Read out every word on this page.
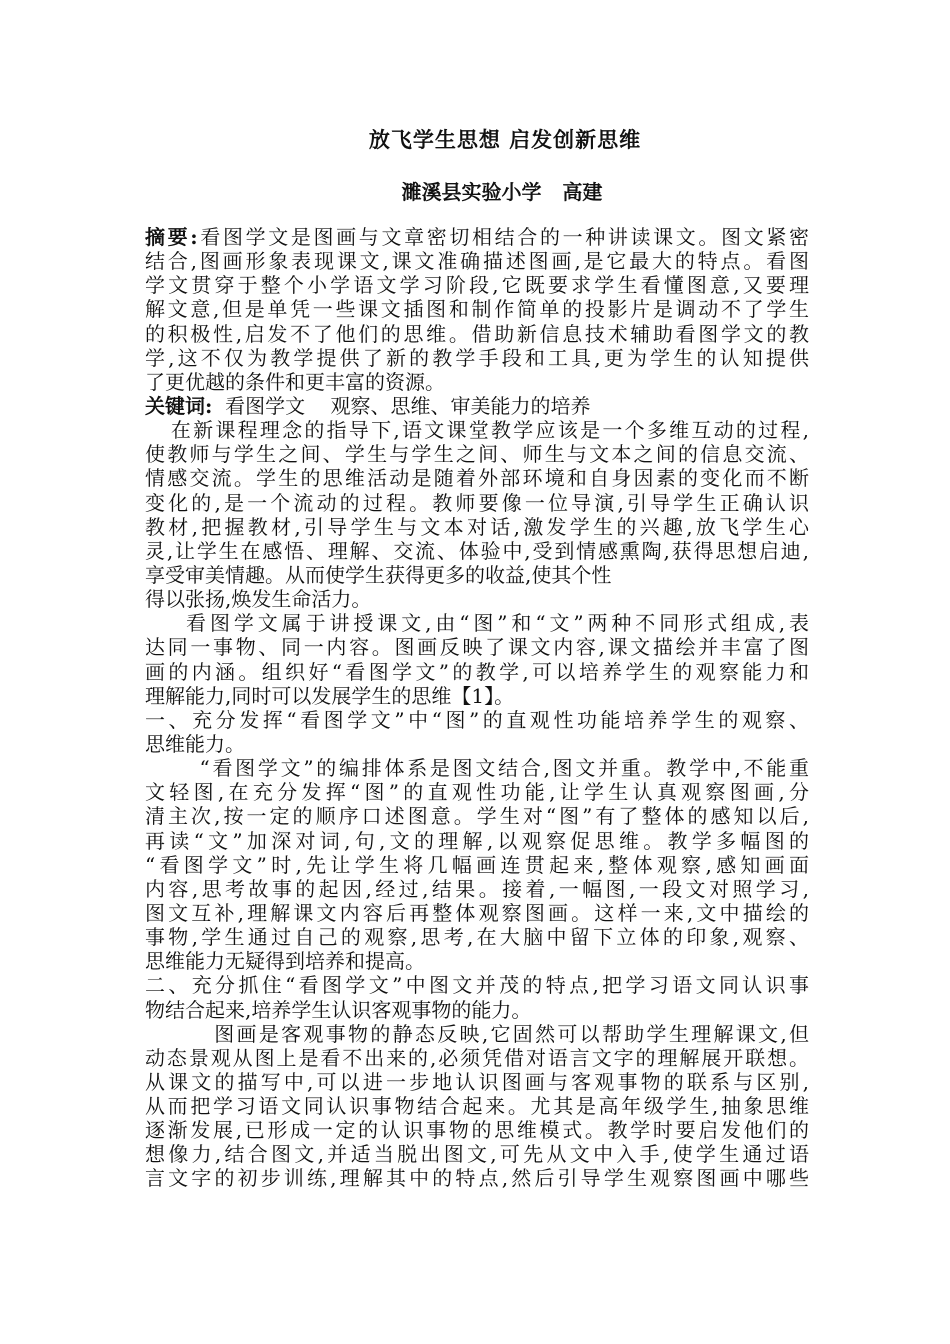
放飞学生思想 启发创新思维
濉溪县实验小学   高建
摘要:看图学文是图画与文章密切相结合的一种讲读课文。图文紧密
结合,图画形象表现课文,课文准确描述图画,是它最大的特点。看图
学文贯穿于整个小学语文学习阶段,它既要求学生看懂图意,又要理
解文意,但是单凭一些课文插图和制作简单的投影片是调动不了学生
的积极性,启发不了他们的思维。借助新信息技术辅助看图学文的教
学,这不仅为教学提供了新的教学手段和工具,更为学生的认知提供
了更优越的条件和更丰富的资源。
关键词:  看图学文    观察、思维、审美能力的培养
在新课程理念的指导下,语文课堂教学应该是一个多维互动的过程,
使教师与学生之间、学生与学生之间、师生与文本之间的信息交流、
情感交流。学生的思维活动是随着外部环境和自身因素的变化而不断
变化的,是一个流动的过程。教师要像一位导演,引导学生正确认识
教材,把握教材,引导学生与文本对话,激发学生的兴趣,放飞学生心
灵,让学生在感悟、理解、交流、体验中,受到情感熏陶,获得思想启迪,
享受审美情趣。从而使学生获得更多的收益,使其个性
得以张扬,焕发生命活力。
看图学文属于讲授课文,由“图”和“文”两种不同形式组成,表
达同一事物、同一内容。图画反映了课文内容,课文描绘并丰富了图
画的内涵。组织好“看图学文”的教学,可以培养学生的观察能力和
理解能力,同时可以发展学生的思维【1】。
一、充分发挥“看图学文”中“图”的直观性功能培养学生的观察、
思维能力。
“看图学文”的编排体系是图文结合,图文并重。教学中,不能重
文轻图,在充分发挥“图”的直观性功能,让学生认真观察图画,分
清主次,按一定的顺序口述图意。学生对“图”有了整体的感知以后,
再读“文”加深对词,句,文的理解,以观察促思维。教学多幅图的
“看图学文”时,先让学生将几幅画连贯起来,整体观察,感知画面
内容,思考故事的起因,经过,结果。接着,一幅图,一段文对照学习,
图文互补,理解课文内容后再整体观察图画。这样一来,文中描绘的
事物,学生通过自己的观察,思考,在大脑中留下立体的印象,观察、
思维能力无疑得到培养和提高。
二、充分抓住“看图学文”中图文并茂的特点,把学习语文同认识事
物结合起来,培养学生认识客观事物的能力。
图画是客观事物的静态反映,它固然可以帮助学生理解课文,但
动态景观从图上是看不出来的,必须凭借对语言文字的理解展开联想。
从课文的描写中,可以进一步地认识图画与客观事物的联系与区别,
从而把学习语文同认识事物结合起来。尤其是高年级学生,抽象思维
逐渐发展,已形成一定的认识事物的思维模式。教学时要启发他们的
想像力,结合图文,并适当脱出图文,可先从文中入手,使学生通过语
言文字的初步训练,理解其中的特点,然后引导学生观察图画中哪些
